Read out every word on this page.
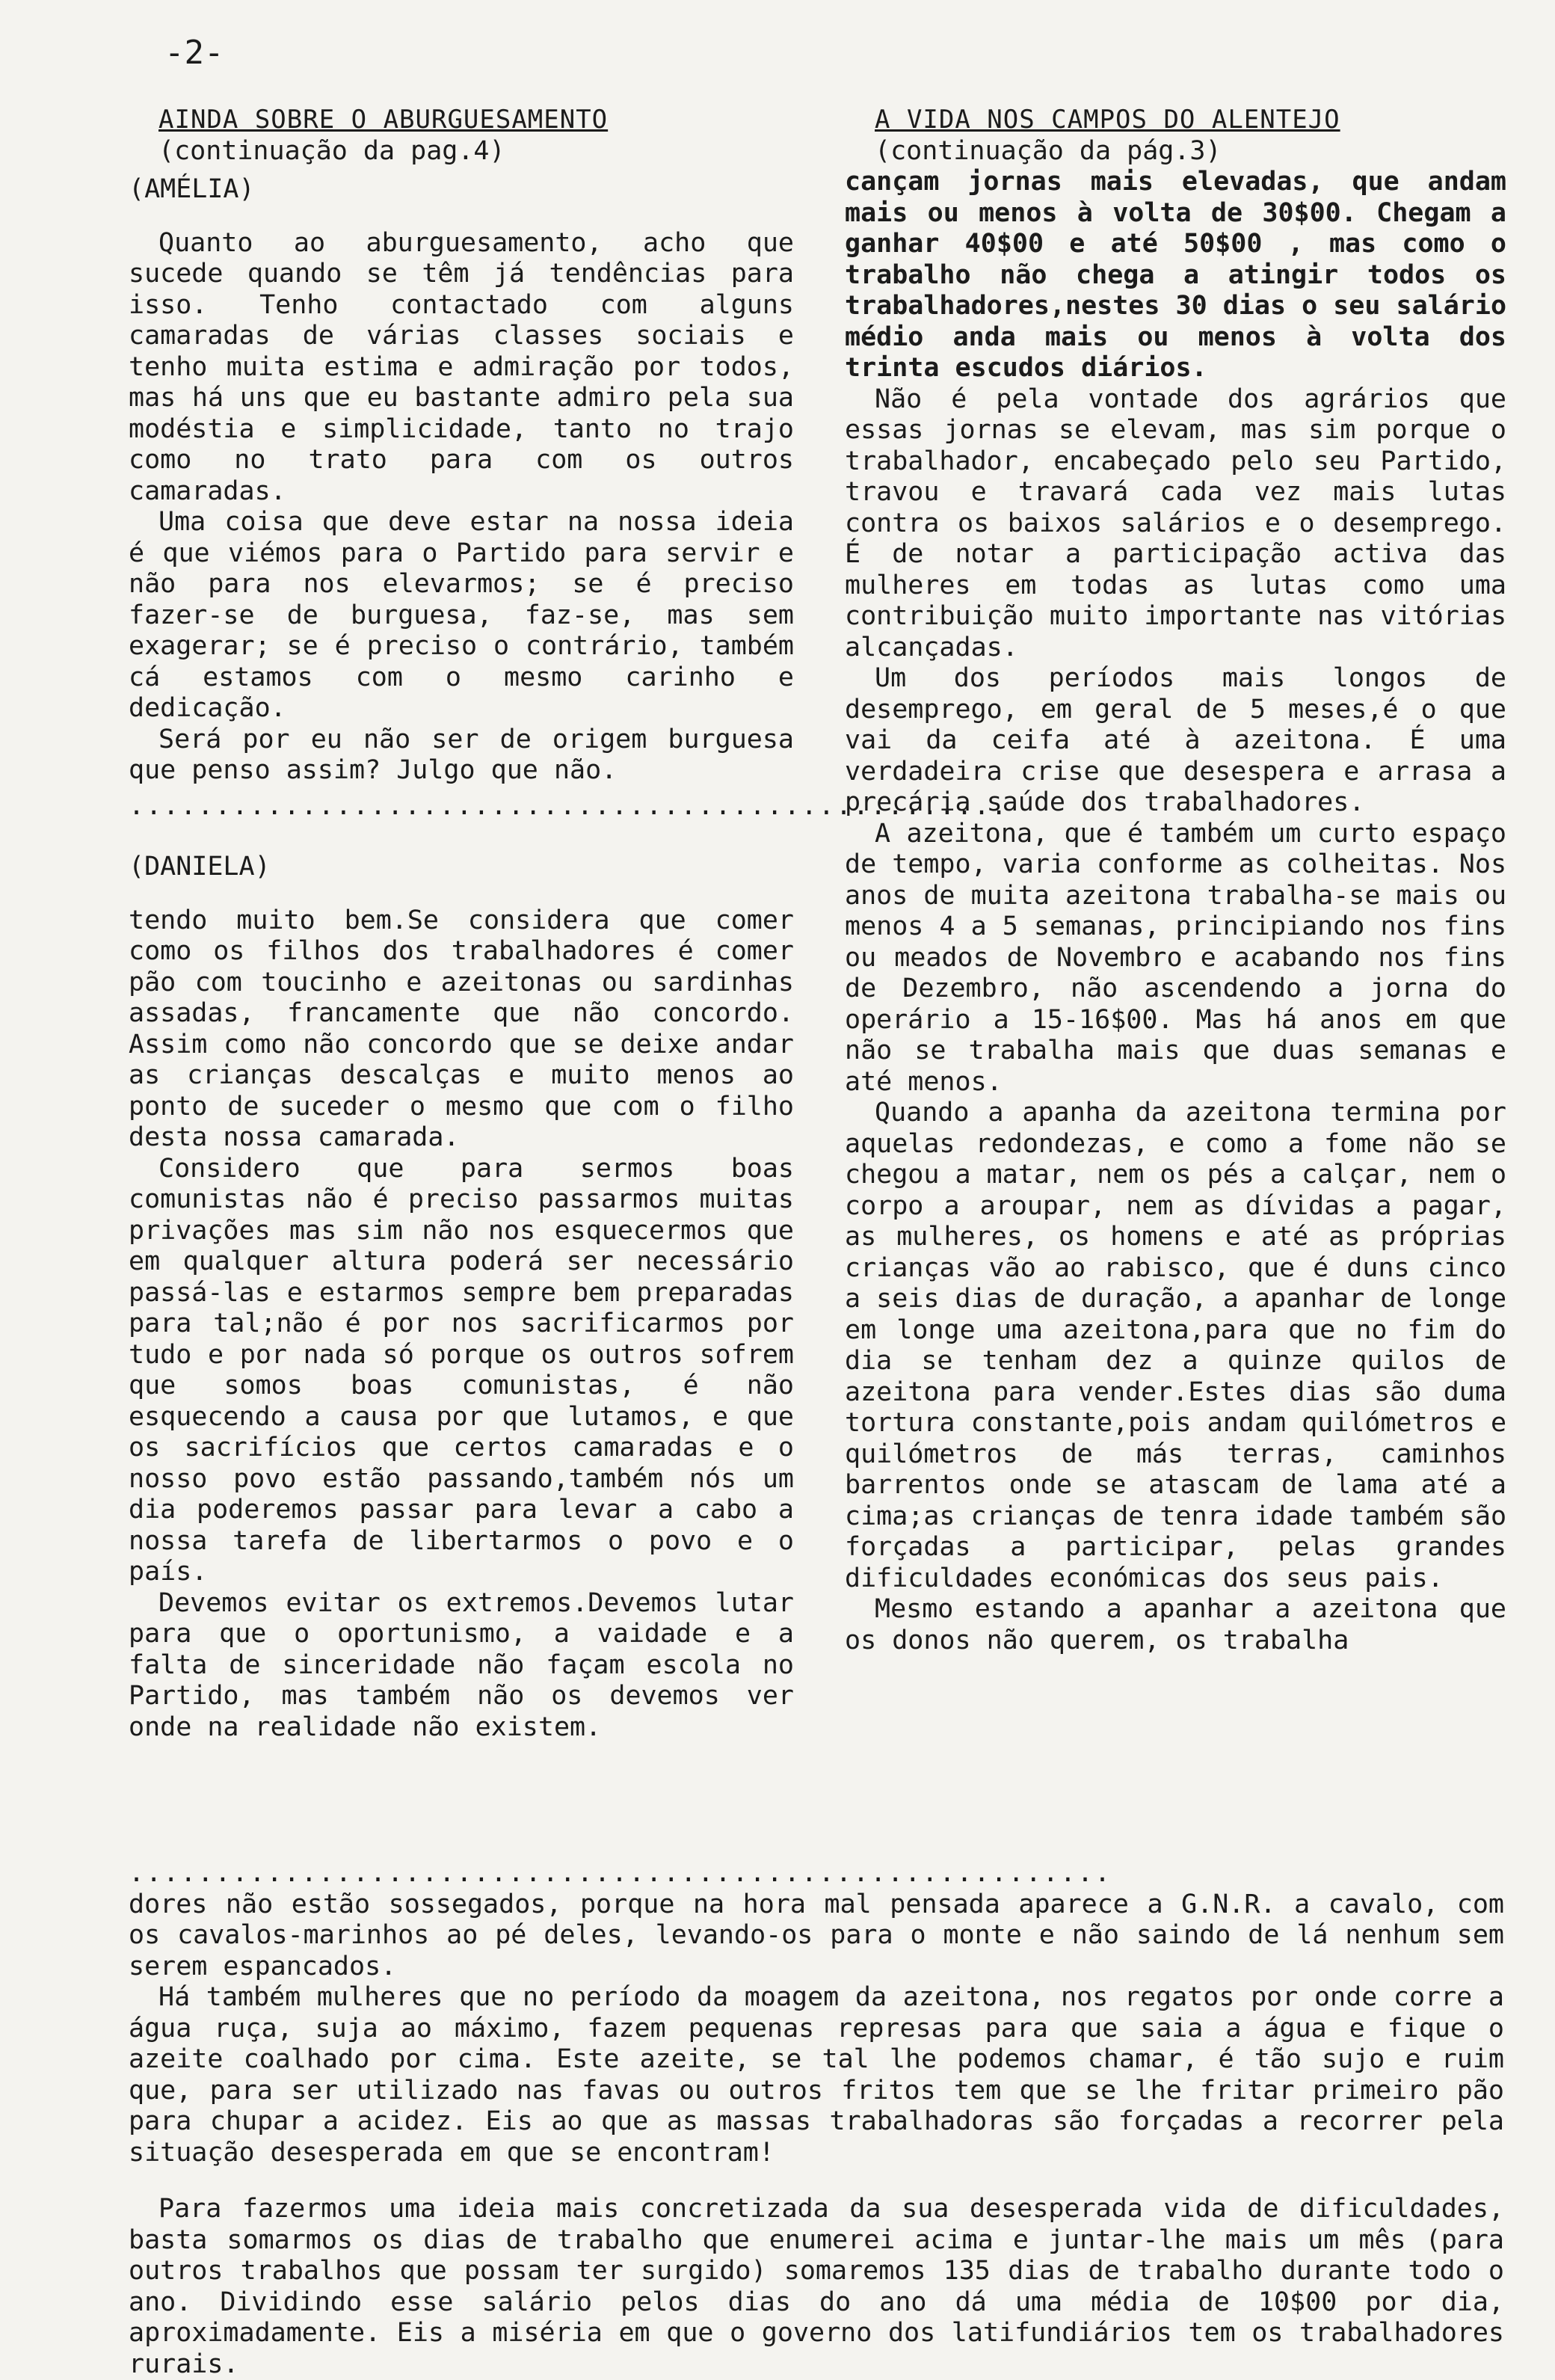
-2-

AINDA SOBRE O ABURGUESAMENTO

(continuação da pag.4)

(AMÉLIA)

Quanto ao aburguesamento, acho que sucede quando se têm já tendências para isso. Tenho contactado com alguns camaradas de várias classes sociais e tenho muita estima e admiração por todos, mas há uns que eu bastante admiro pela sua modéstia e simplicidade, tanto no trajo como no trato para com os outros camaradas.

Uma coisa que deve estar na nossa ideia é que viémos para o Partido para servir e não para nos elevarmos; se é preciso fazer-se de burguesa, faz-se, mas sem exagerar; se é preciso o contrário, também cá estamos com o mesmo carinho e dedicação.

Será por eu não ser de origem burguesa que penso assim? Julgo que não.

...................................................
(DANIELA)

tendo muito bem.Se considera que comer como os filhos dos trabalhadores é comer pão com toucinho e azeitonas ou sardinhas assadas, francamente que não concordo. Assim como não concordo que se deixe andar as crianças descalças e muito menos ao ponto de suceder o mesmo que com o filho desta nossa camarada.

Considero que para sermos boas comunistas não é preciso passarmos muitas privações mas sim não nos esquecermos que em qualquer altura poderá ser necessário passá-las e estarmos sempre bem preparadas para tal;não é por nos sacrificarmos por tudo e por nada só porque os outros sofrem que somos boas comunistas, é não esquecendo a causa por que lutamos, e que os sacrifícios que certos camaradas e o nosso povo estão passando,também nós um dia poderemos passar para levar a cabo a nossa tarefa de libertarmos o povo e o país.

Devemos evitar os extremos.Devemos lutar para que o oportunismo, a vaidade e a falta de sinceridade não façam escola no Partido, mas também não os devemos ver onde na realidade não existem.

A VIDA NOS CAMPOS DO ALENTEJO

(continuação da pág.3)

cançam jornas mais elevadas, que andam mais ou menos à volta de 30$00. Chegam a ganhar 40$00 e até 50$00 , mas como o trabalho não chega a atingir todos os trabalhadores,nestes 30 dias o seu salário médio anda mais ou menos à volta dos trinta escudos diários.

Não é pela vontade dos agrários que essas jornas se elevam, mas sim porque o trabalhador, encabeçado pelo seu Partido, travou e travará cada vez mais lutas contra os baixos salários e o desemprego. É de notar a participação activa das mulheres em todas as lutas como uma contribuição muito importante nas vitórias alcançadas.

Um dos períodos mais longos de desemprego, em geral de 5 meses,é o que vai da ceifa até à azeitona. É uma verdadeira crise que desespera e arrasa a precária saúde dos trabalhadores.

A azeitona, que é também um curto espaço de tempo, varia conforme as colheitas. Nos anos de muita azeitona trabalha-se mais ou menos 4 a 5 semanas, principiando nos fins ou meados de Novembro e acabando nos fins de Dezembro, não ascendendo a jorna do operário a 15-16$00. Mas há anos em que não se trabalha mais que duas semanas e até menos.

Quando a apanha da azeitona termina por aquelas redondezas, e como a fome não se chegou a matar, nem os pés a calçar, nem o corpo a aroupar, nem as dívidas a pagar, as mulheres, os homens e até as próprias crianças vão ao rabisco, que é duns cinco a seis dias de duração, a apanhar de longe em longe uma azeitona,para que no fim do dia se tenham dez a quinze quilos de azeitona para vender.Estes dias são duma tortura constante,pois andam quilómetros e quilómetros de más terras, caminhos barrentos onde se atascam de lama até a cima;as crianças de tenra idade também são forçadas a participar, pelas grandes dificuldades económicas dos seus pais.

Mesmo estando a apanhar a azeitona que os donos não querem, os trabalha

.........................................................

dores não estão sossegados, porque na hora mal pensada aparece a G.N.R. a cavalo, com os cavalos-marinhos ao pé deles, levando-os para o monte e não saindo de lá nenhum sem serem espancados.

Há também mulheres que no período da moagem da azeitona, nos regatos por onde corre a água ruça, suja ao máximo, fazem pequenas represas para que saia a água e fique o azeite coalhado por cima. Este azeite, se tal lhe podemos chamar, é tão sujo e ruim que, para ser utilizado nas favas ou outros fritos tem que se lhe fritar primeiro pão para chupar a acidez. Eis ao que as massas trabalhadoras são forçadas a recorrer pela situação desesperada em que se encontram!

Para fazermos uma ideia mais concretizada da sua desesperada vida de dificuldades, basta somarmos os dias de trabalho que enumerei acima e juntar-lhe mais um mês (para outros trabalhos que possam ter surgido) somaremos 135 dias de trabalho durante todo o ano. Dividindo esse salário pelos dias do ano dá uma média de 10$00 por dia, aproximadamente. Eis a miséria em que o governo dos latifundiários tem os trabalhadores rurais.
